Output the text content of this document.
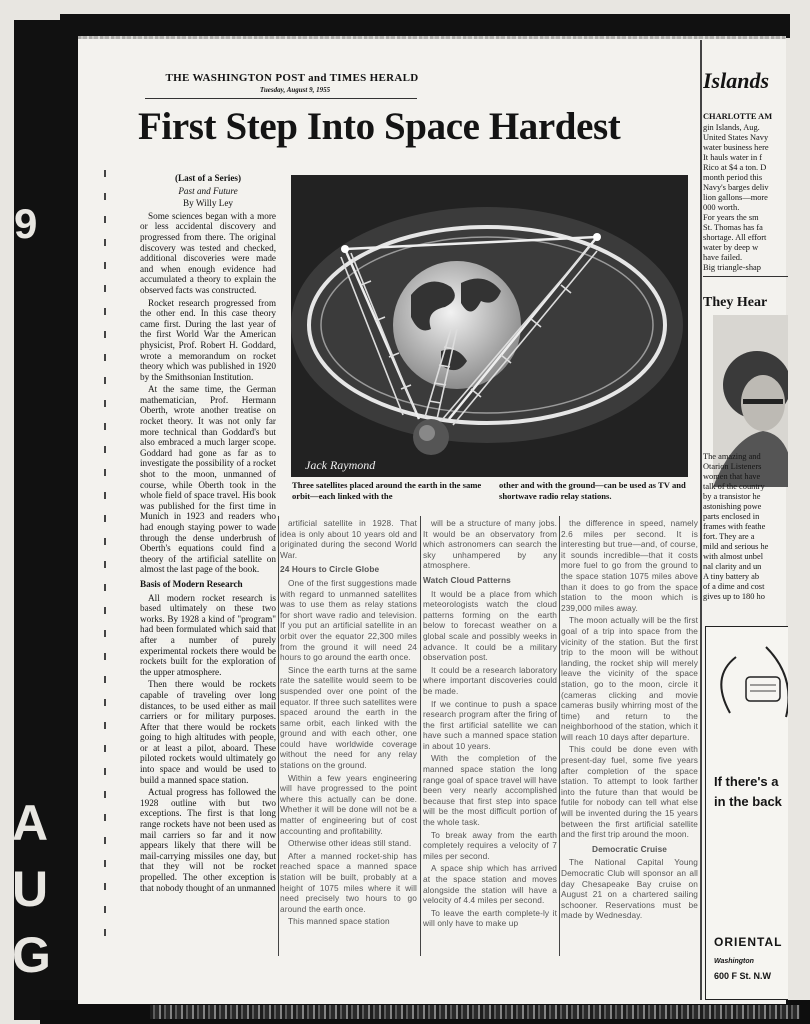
9
AUG
THE WASHINGTON POST and TIMES HERALD
Tuesday, August 9, 1955
First Step Into Space Hardest

(Last of a Series)

Past and Future

By Willy Ley

Some sciences began with a more or less accidental discovery and progressed from there. The original discovery was tested and checked, additional discoveries were made and when enough evidence had accumulated a theory to explain the observed facts was constructed.

Rocket research progressed from the other end. In this case theory came first. During the last year of the first World War the American physicist, Prof. Robert H. Goddard, wrote a memorandum on rocket theory which was published in 1920 by the Smithsonian Institution.

At the same time, the German mathematician, Prof. Hermann Oberth, wrote another treatise on rocket theory. It was not only far more technical than Goddard's but also embraced a much larger scope. Goddard had gone as far as to investigate the possibility of a rocket shot to the moon, unmanned of course, while Oberth took in the whole field of space travel. His book was published for the first time in Munich in 1923 and readers who had enough staying power to wade through the dense underbrush of Oberth's equations could find a theory of the artificial satellite on almost the last page of the book.

Basis of Modern Research

All modern rocket research is based ultimately on these two works. By 1928 a kind of "program" had been formulated which said that after a number of purely experimental rockets there would be rockets built for the exploration of the upper atmosphere.

Then there would be rockets capable of traveling over long distances, to be used either as mail carriers or for military purposes. After that there would be rockets going to high altitudes with people, or at least a pilot, aboard. These piloted rockets would ultimately go into space and would be used to build a manned space station.

Actual progress has followed the 1928 outline with but two exceptions. The first is that long range rockets have not been used as mail carriers so far and it now appears likely that there will be mail-carrying missiles one day, but that they will not be rocket propelled. The other exception is that nobody thought of an unmanned

Jack Raymond
Three satellites placed around the earth in the same orbit—each linked with the
other and with the ground—can be used as TV and shortwave radio relay stations.

artificial satellite in 1928. That idea is only about 10 years old and originated during the second World War.

24 Hours to Circle Globe

One of the first suggestions made with regard to unmanned satellites was to use them as relay stations for short wave radio and television. If you put an artificial satellite in an orbit over the equator 22,300 miles from the ground it will need 24 hours to go around the earth once.

Since the earth turns at the same rate the satellite would seem to be suspended over one point of the equator. If three such satellites were spaced around the earth in the same orbit, each linked with the ground and with each other, one could have worldwide coverage without the need for any relay stations on the ground.

Within a few years engineering will have progressed to the point where this actually can be done. Whether it will be done will not be a matter of engineering but of cost accounting and profitability.

Otherwise other ideas still stand.

After a manned rocket-ship has reached space a manned space station will be built, probably at a height of 1075 miles where it will need precisely two hours to go around the earth once.

This manned space station

will be a structure of many jobs. It would be an observatory from which astronomers can search the sky unhampered by any atmosphere.

Watch Cloud Patterns

It would be a place from which meteorologists watch the cloud patterns forming on the earth below to forecast weather on a global scale and possibly weeks in advance. It could be a military observation post.

It could be a research laboratory where important discoveries could be made.

If we continue to push a space research program after the firing of the first artificial satellite we can have such a manned space station in about 10 years.

With the completion of the manned space station the long range goal of space travel will have been very nearly accomplished because that first step into space will be the most difficult portion of the whole task.

To break away from the earth completely requires a velocity of 7 miles per second.

A space ship which has arrived at the space station and moves alongside the station will have a velocity of 4.4 miles per second.

To leave the earth complete-ly it will only have to make up

the difference in speed, namely 2.6 miles per second. It is interesting but true—and, of course, it sounds incredible—that it costs more fuel to go from the ground to the space station 1075 miles above than it does to go from the space station to the moon which is 239,000 miles away.

The moon actually will be the first goal of a trip into space from the vicinity of the station. But the first trip to the moon will be without landing, the rocket ship will merely leave the vicinity of the space station, go to the moon, circle it (cameras clicking and movie cameras busily whirring most of the time) and return to the neighborhood of the station, which it will reach 10 days after departure.

This could be done even with present-day fuel, some five years after completion of the space station. To attempt to look farther into the future than that would be futile for nobody can tell what else will be invented during the 15 years between the first artificial satellite and the first trip around the moon.

Democratic Cruise

The National Capital Young Democratic Club will sponsor an all day Chesapeake Bay cruise on August 21 on a chartered sailing schooner. Reservations must be made by Wednesday.

Islands
CHARLOTTE AM
gin Islands, Aug.
United States Navy
water business here
It hauls water in f
Rico at $4 a ton. D
month period this
Navy's barges deliv
lion gallons—more
000 worth.
For years the sm
St. Thomas has fa
shortage. All effort
water by deep w
have failed.
Big triangle-shap
They Hear
The amazing and
Otarion Listeners
women that have
talk of the country
by a transistor he
astonishing powe
parts enclosed in
frames with feathe
fort. They are a
mild and serious he
with almost unbel
nal clarity and un
A tiny battery ab
of a dime and cost
gives up to 180 ho
If there's a
in the back
ORIENTAL
Washington
600 F St. N.W
